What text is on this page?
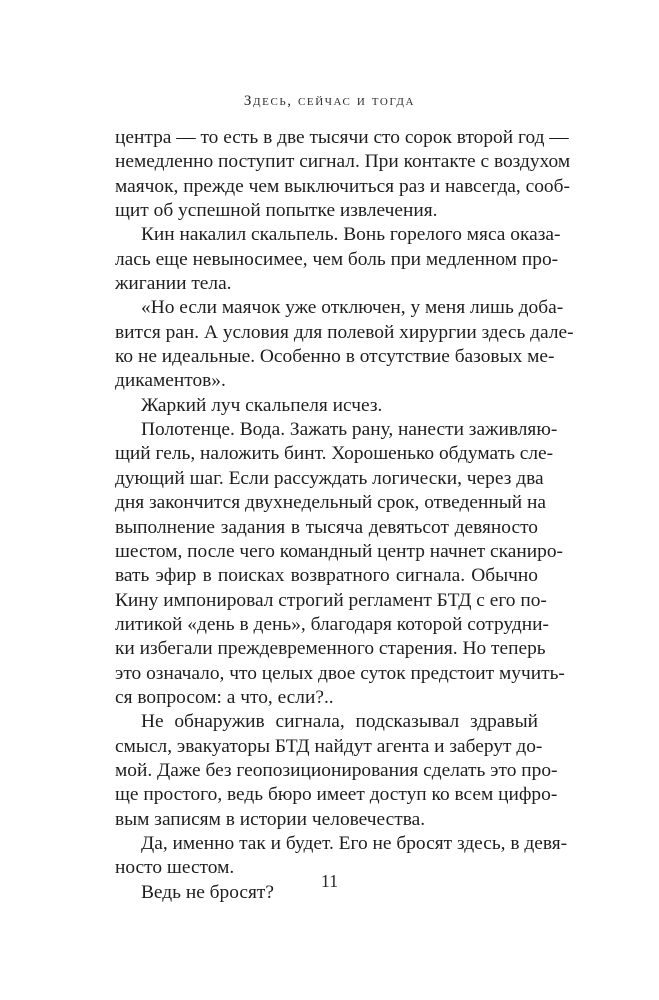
Здесь, сейчас и тогда
центра — то есть в две тысячи сто сорок второй год —
немедленно поступит сигнал. При контакте с воздухом
маячок, прежде чем выключиться раз и навсегда, сооб-
щит об успешной попытке извлечения.
Кин накалил скальпель. Вонь горелого мяса оказа-
лась еще невыносимее, чем боль при медленном про-
жигании тела.
«Но если маячок уже отключен, у меня лишь доба-
вится ран. А условия для полевой хирургии здесь дале-
ко не идеальные. Особенно в отсутствие базовых ме-
дикаментов».
Жаркий луч скальпеля исчез.
Полотенце. Вода. Зажать рану, нанести заживляю-
щий гель, наложить бинт. Хорошенько обдумать сле-
дующий шаг. Если рассуждать логически, через два
дня закончится двухнедельный срок, отведенный на
выполнение задания в тысяча девятьсот девяносто
шестом, после чего командный центр начнет сканиро-
вать эфир в поисках возвратного сигнала. Обычно
Кину импонировал строгий регламент БТД с его по-
литикой «день в день», благодаря которой сотрудни-
ки избегали преждевременного старения. Но теперь
это означало, что целых двое суток предстоит мучить-
ся вопросом: а что, если?..
Не обнаружив сигнала, подсказывал здравый
смысл, эвакуаторы БТД найдут агента и заберут до-
мой. Даже без геопозиционирования сделать это про-
ще простого, ведь бюро имеет доступ ко всем цифро-
вым записям в истории человечества.
Да, именно так и будет. Его не бросят здесь, в девя-
носто шестом.
Ведь не бросят?
11
